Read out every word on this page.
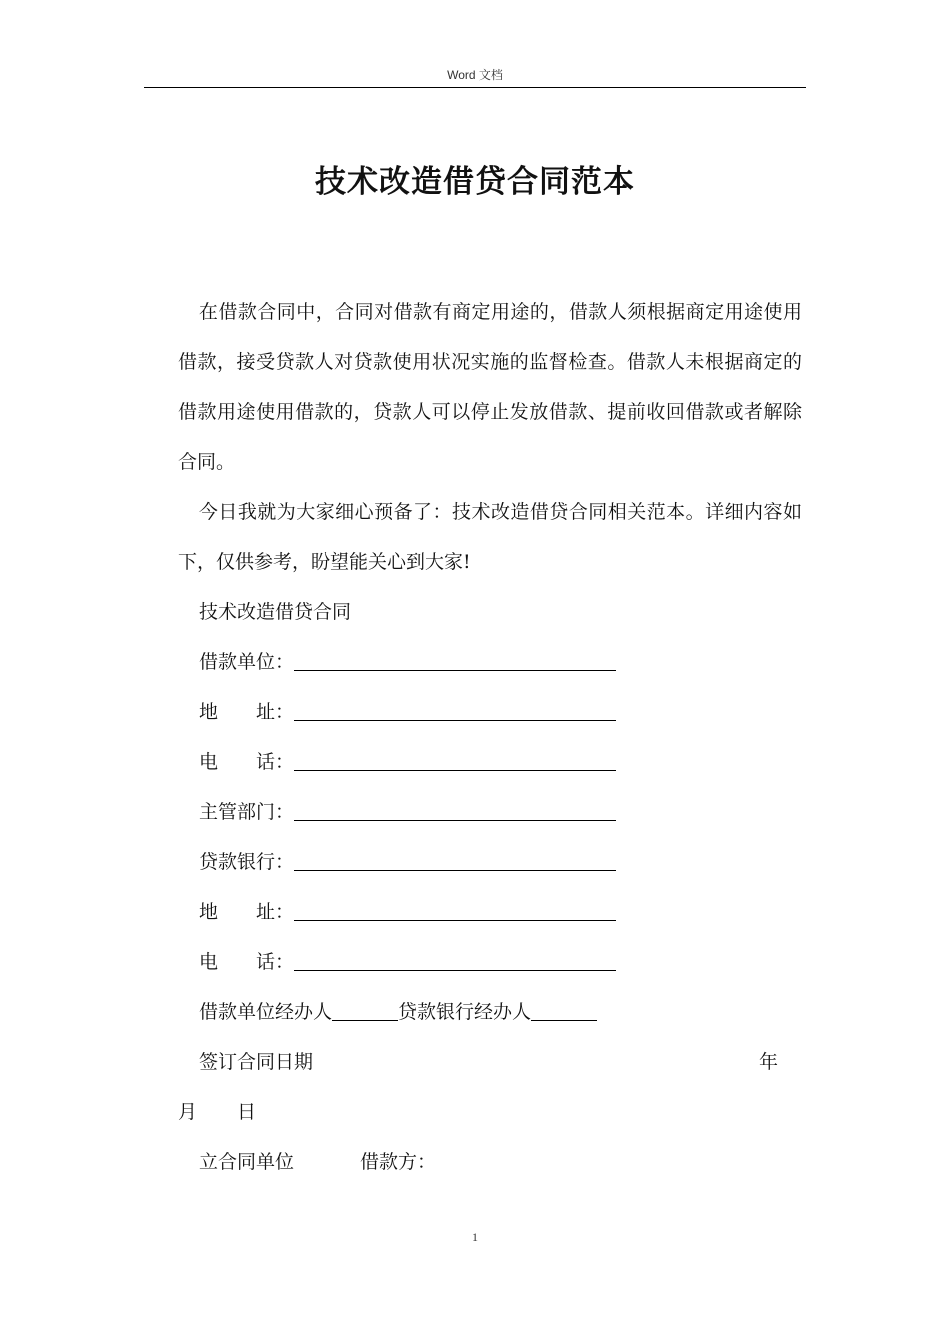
Word 文档
技术改造借贷合同范本

在借款合同中，合同对借款有商定用途的，借款人须根据商定用途使用借款，接受贷款人对贷款使用状况实施的监督检查。借款人未根据商定的借款用途使用借款的，贷款人可以停止发放借款、提前收回借款或者解除合同。

今日我就为大家细心预备了：技术改造借贷合同相关范本。详细内容如下，仅供参考，盼望能关心到大家!

技术改造借贷合同

借款单位：

地 址：

电 话：

主管部门：

贷款银行：

地 址：

电 话：

借款单位经办人	贷款银行经办人

签订合同日期	年

月 日

立合同单位	借款方：

1
